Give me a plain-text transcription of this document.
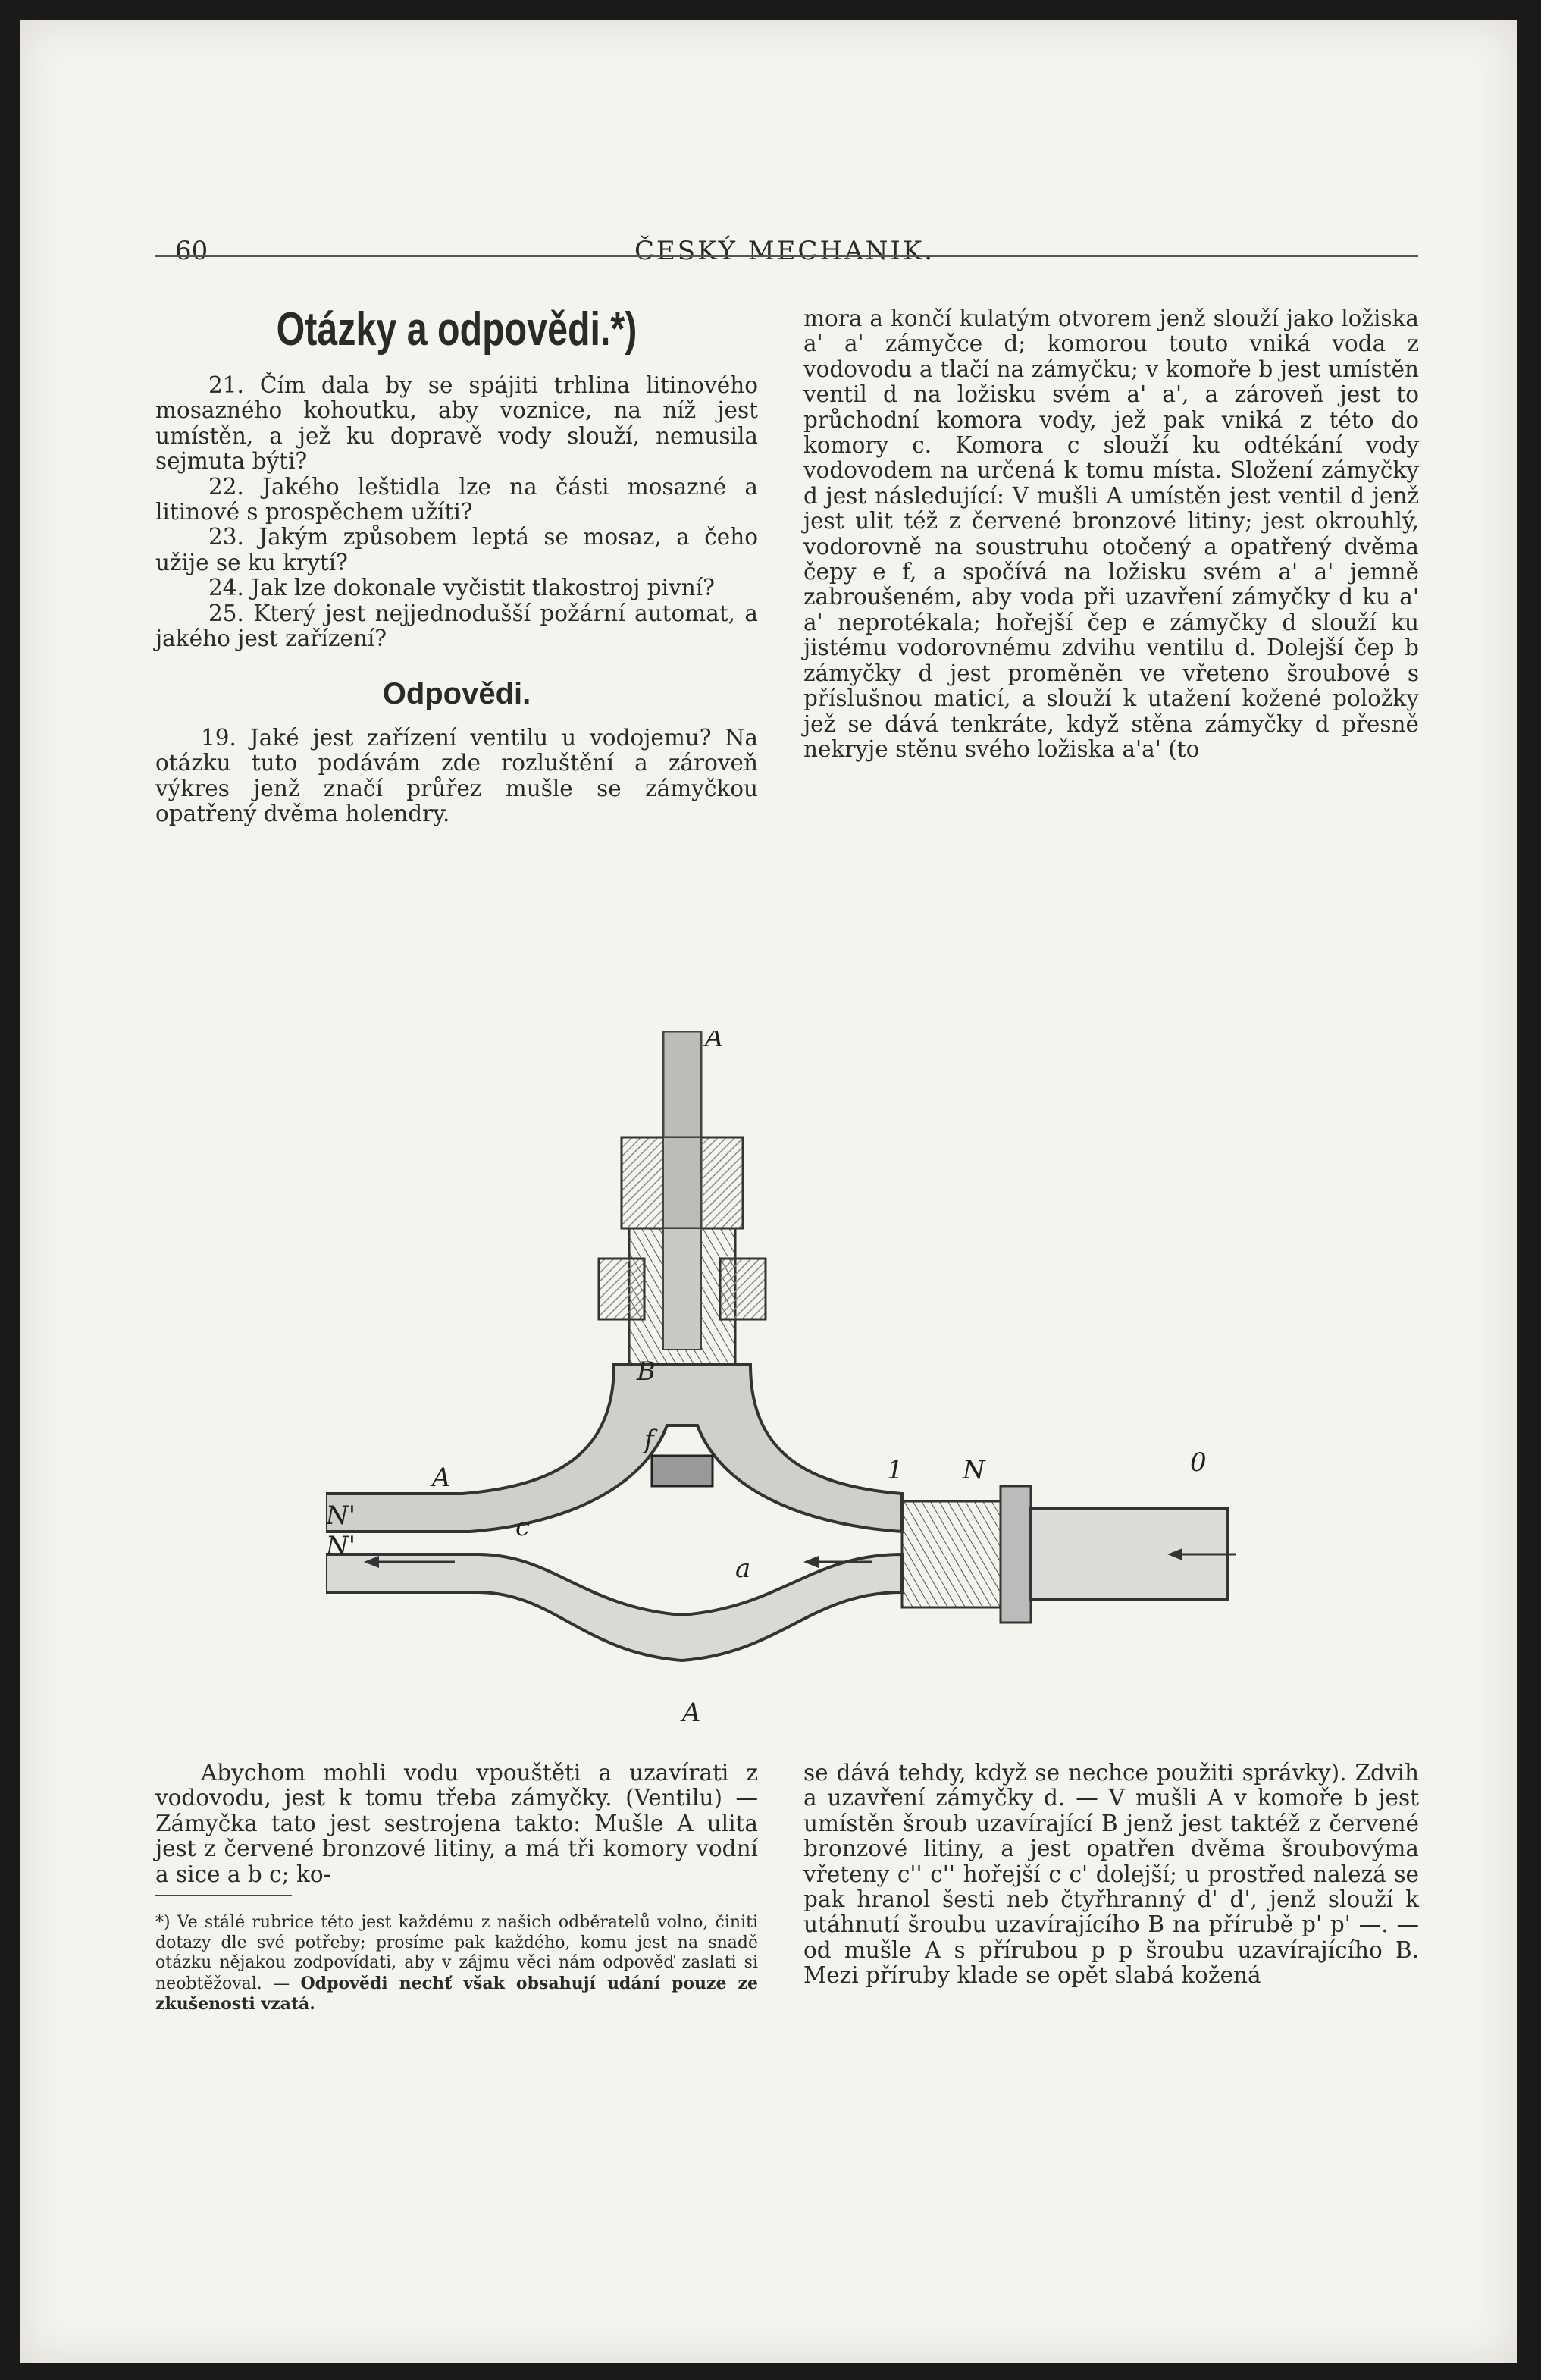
60	ČESKÝ MECHANIK.
Otázky a odpovědi.*)

21. Čím dala by se spájiti trhlina litinového mosazného kohoutku, aby voznice, na níž jest umístěn, a jež ku dopravě vody slouží, nemusila sejmuta býti?

22. Jakého leštidla lze na části mosazné a litinové s prospěchem užíti?

23. Jakým způsobem leptá se mosaz, a čeho užije se ku krytí?

24. Jak lze dokonale vyčistit tlakostroj pivní?

25. Který jest nejjednodušší požární automat, a jakého jest zařízení?

Odpovědi.

19. Jaké jest zařízení ventilu u vodojemu? Na otázku tuto podávám zde rozluštění a zároveň výkres jenž značí průřez mušle se zámyčkou opatřený dvěma holendry.

mora a končí kulatým otvorem jenž slouží jako ložiska a' a' zámyčce d; komorou touto vniká voda z vodovodu a tlačí na zámyčku; v komoře b jest umístěn ventil d na ložisku svém a' a', a zároveň jest to průchodní komora vody, jež pak vniká z této do komory c. Komora c slouží ku odtékání vody vodovodem na určená k tomu místa. Složení zámyčky d jest následující: V mušli A umístěn jest ventil d jenž jest ulit též z červené bronzové litiny; jest okrouhlý, vodorovně na soustruhu otočený a opatřený dvěma čepy e f, a spočívá na ložisku svém a' a' jemně zabroušeném, aby voda při uzavření zámyčky d ku a' a' neprotékala; hořejší čep e zámyčky d slouží ku jistému vodorovnému zdvihu ventilu d. Dolejší čep b zámyčky d jest proměněn ve vřeteno šroubové s příslušnou maticí, a slouží k utažení kožené položky jež se dává tenkráte, když stěna zámyčky d přesně nekryje stěnu svého ložiska a'a' (to

A
A
A
B
N'
N'
c
a
f
1 N	0

Abychom mohli vodu vpouštěti a uzavírati z vodovodu, jest k tomu třeba zámyčky. (Ventilu) — Zámyčka tato jest sestrojena takto: Mušle A ulita jest z červené bronzové litiny, a má tři komory vodní a sice a b c; ko-

*) Ve stálé rubrice této jest každému z našich odběratelů volno, činiti dotazy dle své potřeby; prosíme pak každého, komu jest na snadě otázku nějakou zodpovídati, aby v zájmu věci nám odpověď zaslati si neobtěžoval. — Odpovědi nechť však obsahují udání pouze ze zkušenosti vzatá.

se dává tehdy, když se nechce použiti správky). Zdvih a uzavření zámyčky d. — V mušli A v komoře b jest umístěn šroub uzavírající B jenž jest taktéž z červené bronzové litiny, a jest opatřen dvěma šroubovýma vřeteny c'' c'' hořejší c c' dolejší; u prostřed nalezá se pak hranol šesti neb čtyřhranný d' d', jenž slouží k utáhnutí šroubu uzavírajícího B na přírubě p' p' —. — od mušle A s přírubou p p šroubu uzavírajícího B. Mezi příruby klade se opět slabá kožená
